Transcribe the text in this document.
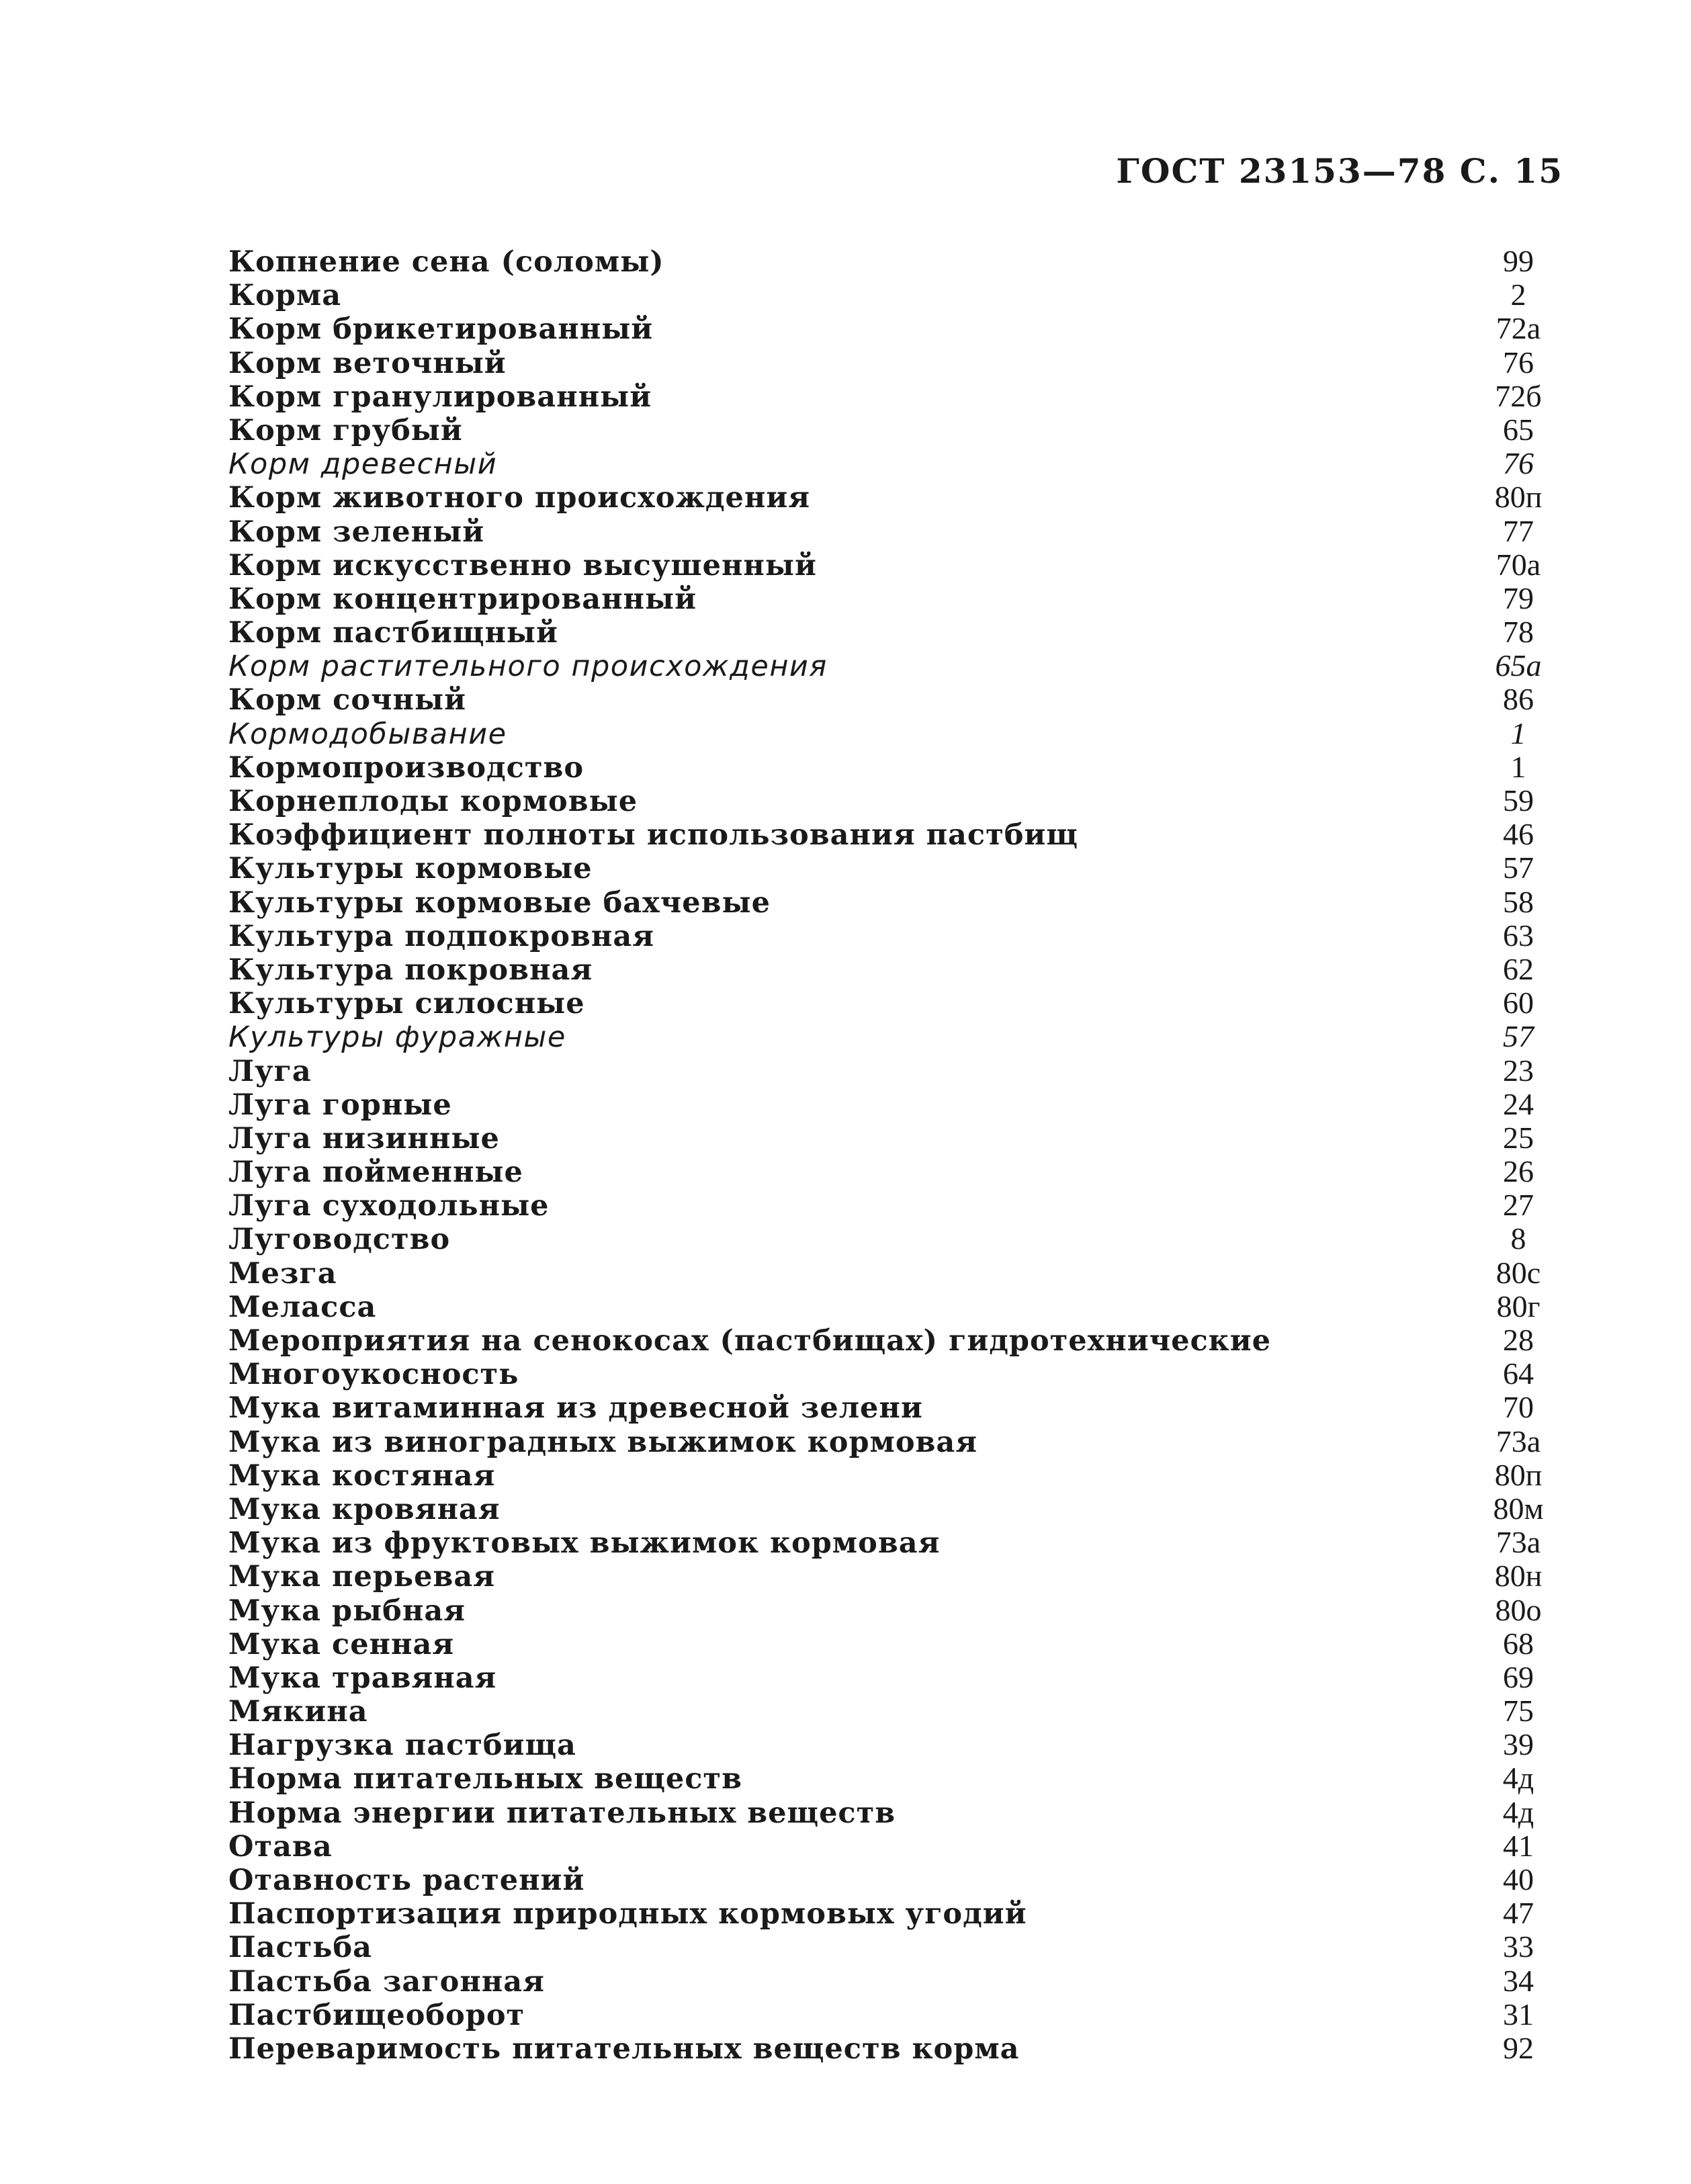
ГОСТ 23153—78 С. 15
Копнение сена (соломы)	99
Корма	2
Корм брикетированный	72а
Корм веточный	76
Корм гранулированный	72б
Корм грубый	65
Корм древесный	76
Корм животного происхождения	80п
Корм зеленый	77
Корм искусственно высушенный	70а
Корм концентрированный	79
Корм пастбищный	78
Корм растительного происхождения	65а
Корм сочный	86
Кормодобывание	1
Кормопроизводство	1
Корнеплоды кормовые	59
Коэффициент полноты использования пастбищ	46
Культуры кормовые	57
Культуры кормовые бахчевые	58
Культура подпокровная	63
Культура покровная	62
Культуры силосные	60
Культуры фуражные	57
Луга	23
Луга горные	24
Луга низинные	25
Луга пойменные	26
Луга суходольные	27
Луговодство	8
Мезга	80с
Меласса	80г
Мероприятия на сенокосах (пастбищах) гидротехнические	28
Многоукосность	64
Мука витаминная из древесной зелени	70
Мука из виноградных выжимок кормовая	73а
Мука костяная	80п
Мука кровяная	80м
Мука из фруктовых выжимок кормовая	73а
Мука перьевая	80н
Мука рыбная	80о
Мука сенная	68
Мука травяная	69
Мякина	75
Нагрузка пастбища	39
Норма питательных веществ	4д
Норма энергии питательных веществ	4д
Отава	41
Отавность растений	40
Паспортизация природных кормовых угодий	47
Пастьба	33
Пастьба загонная	34
Пастбищеоборот	31
Переваримость питательных веществ корма	92
